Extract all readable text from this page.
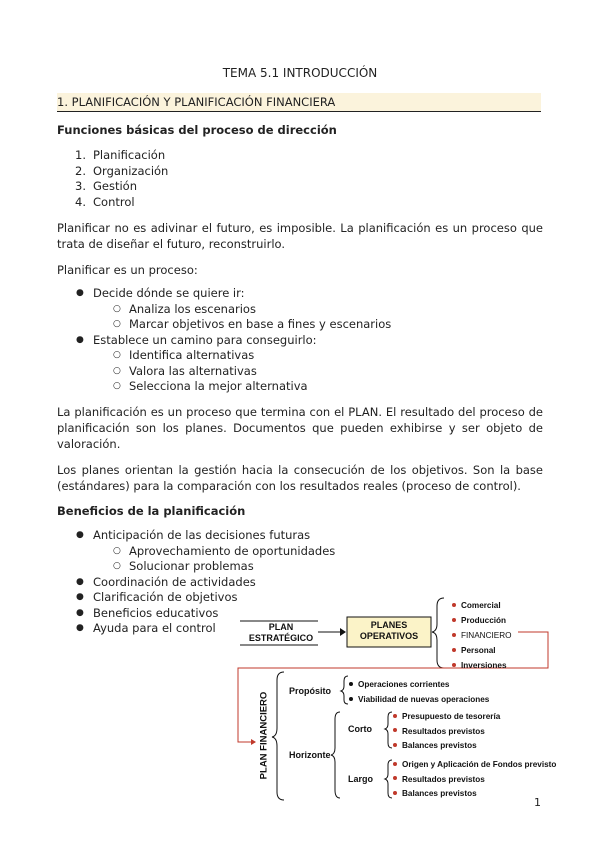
TEMA 5.1 INTRODUCCIÓN
1. PLANIFICACIÓN Y PLANIFICACIÓN FINANCIERA
Funciones básicas del proceso de dirección
1. Planificación
2. Organización
3. Gestión
4. Control
Planificar no es adivinar el futuro, es imposible. La planificación es un proceso que trata de diseñar el futuro, reconstruirlo.
Planificar es un proceso:
● Decide dónde se quiere ir:
○ Analiza los escenarios
○ Marcar objetivos en base a fines y escenarios
● Establece un camino para conseguirlo:
○ Identifica alternativas
○ Valora las alternativas
○ Selecciona la mejor alternativa
La planificación es un proceso que termina con el PLAN. El resultado del proceso de planificación son los planes. Documentos que pueden exhibirse y ser objeto de valoración.
Los planes orientan la gestión hacia la consecución de los objetivos. Son la base (estándares) para la comparación con los resultados reales (proceso de control).
Beneficios de la planificación
● Anticipación de las decisiones futuras
○ Aprovechamiento de oportunidades
○ Solucionar problemas
● Coordinación de actividades
● Clarificación de objetivos
● Beneficios educativos
● Ayuda para el control	PLAN
ESTRATÉGICO
PLANES
OPERATIVOS
Comercial
Producción
FINANCIERO
Personal
Inversiones
PLAN FINANCIERO
Propósito
Operaciones corrientes
Viabilidad de nuevas operaciones
Horizonte
Corto
Largo
Presupuesto de tesorería
Resultados previstos
Balances previstos
Origen y Aplicación de Fondos previsto
Resultados previstos
Balances previstos
1
